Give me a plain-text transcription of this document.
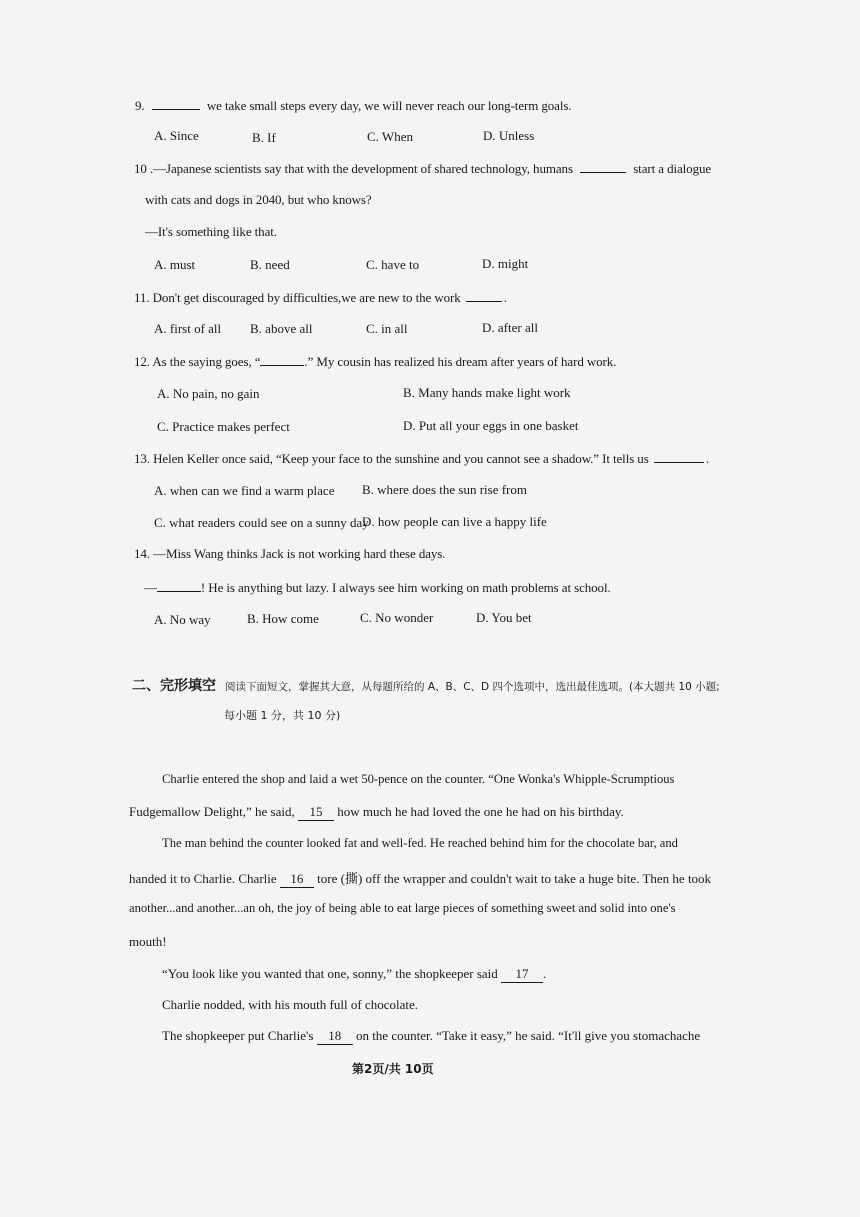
9.	we take small steps every day, we will never reach our long-term goals.
A. Since	B. If	C. When	D. Unless
10 .—Japanese scientists say that with the development of shared technology, humans	start a dialogue
with cats and dogs in 2040, but who knows?
—It's something like that.
A. must	B. need	C. have to	D. might
11. Don't get discouraged by difficulties,we are new to the work	.
A. first of all B. above all	C. in all	D. after all
12. As the saying goes, “	.” My cousin has realized his dream after years of hard work.
A. No pain, no gain	B. Many hands make light work
C. Practice makes perfect	D. Put all your eggs in one basket
13. Helen Keller once said, “Keep your face to the sunshine and you cannot see a shadow.” It tells us	.
A. when can we find a warm place B. where does the sun rise from
C. what readers could see on a sunny day
D. how people can live a happy life
14. —Miss Wang thinks Jack is not working hard these days.
—	! He is anything but lazy. I always see him working on math problems at school.
A. No way	B. How come	C. No wonder	D. You bet
二、完形填空 阅读下面短文，掌握其大意，从每题所给的 A、B、C、D 四个选项中，选出最佳选项。(本大题共 10 小题;
每小题 1 分，共 10 分)
Charlie entered the shop and laid a wet 50-pence on the counter. “One Wonka's Whipple-Scrumptious
Fudgemallow Delight,” he said, 15 how much he had loved the one he had on his birthday.
The man behind the counter looked fat and well-fed. He reached behind him for the chocolate bar, and
handed it to Charlie. Charlie 16 tore (撕) off the wrapper and couldn't wait to take a huge bite. Then he took
another...and another...an oh, the joy of being able to eat large pieces of something sweet and solid into one's
mouth!
“You look like you wanted that one, sonny,” the shopkeeper said 17 .
Charlie nodded, with his mouth full of chocolate.
The shopkeeper put Charlie's 18 on the counter. “Take it easy,” he said. “It'll give you stomachache
第2页/共 10页
